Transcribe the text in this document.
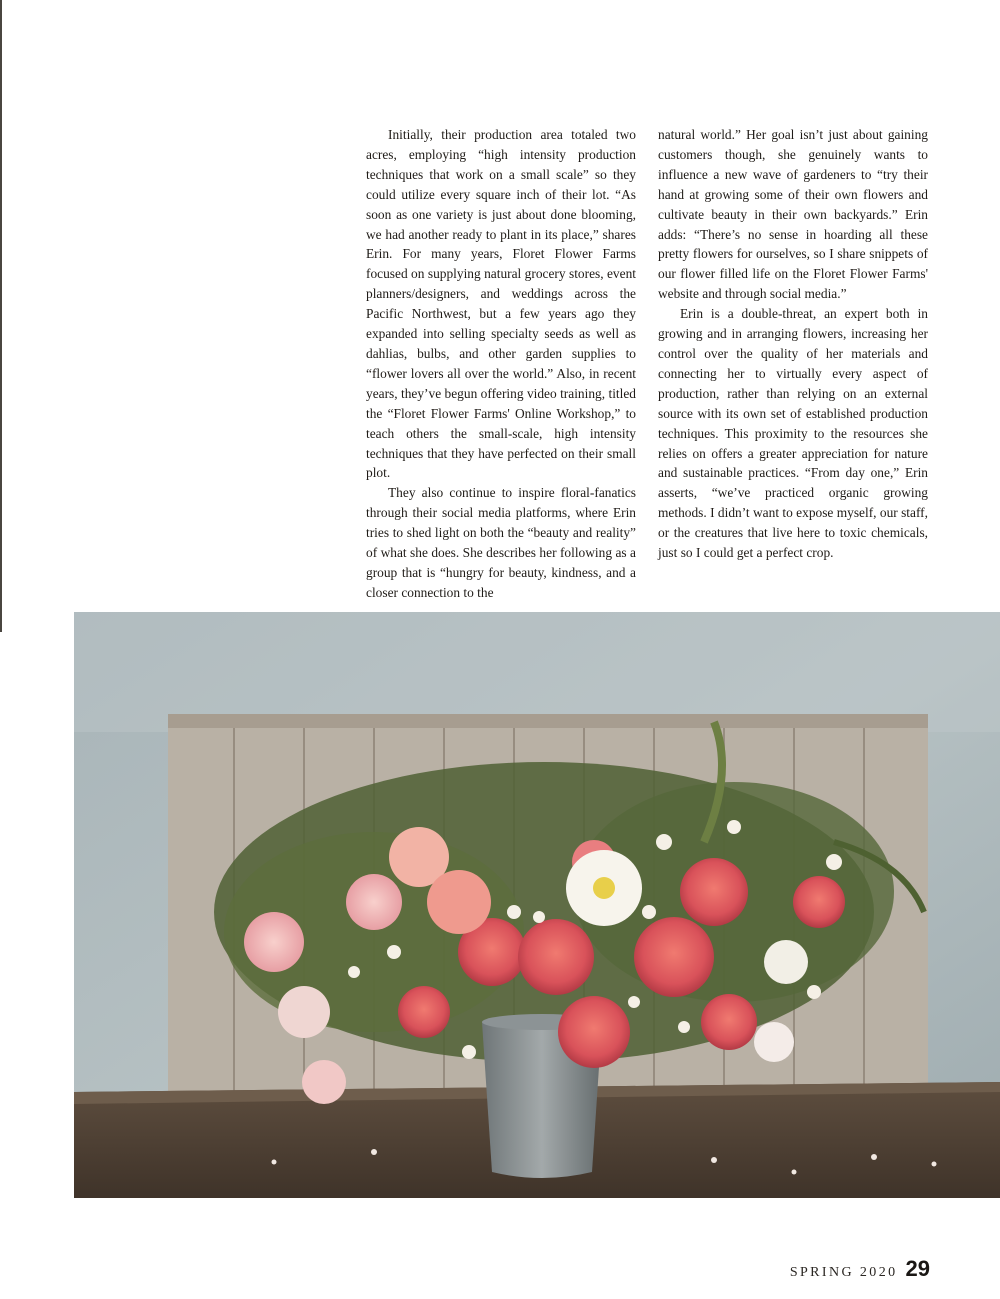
Initially, their production area totaled two acres, employing “high intensity production techniques that work on a small scale” so they could utilize every square inch of their lot. “As soon as one variety is just about done blooming, we had another ready to plant in its place,” shares Erin. For many years, Floret Flower Farms focused on supplying natural grocery stores, event planners/designers, and weddings across the Pacific Northwest, but a few years ago they expanded into selling specialty seeds as well as dahlias, bulbs, and other garden supplies to “flower lovers all over the world.” Also, in recent years, they’ve begun offering video training, titled the “Floret Flower Farms' Online Workshop,” to teach others the small-scale, high intensity techniques that they have perfected on their small plot.

They also continue to inspire floral-fanatics through their social media platforms, where Erin tries to shed light on both the “beauty and reality” of what she does. She describes her following as a group that is “hungry for beauty, kindness, and a closer connection to the

natural world.” Her goal isn’t just about gaining customers though, she genuinely wants to influence a new wave of gardeners to “try their hand at growing some of their own flowers and cultivate beauty in their own backyards.” Erin adds: “There’s no sense in hoarding all these pretty flowers for ourselves, so I share snippets of our flower filled life on the Floret Flower Farms' website and through social media.”

Erin is a double-threat, an expert both in growing and in arranging flowers, increasing her control over the quality of her materials and connecting her to virtually every aspect of production, rather than relying on an external source with its own set of established production techniques. This proximity to the resources she relies on offers a greater appreciation for nature and sustainable practices. “From day one,” Erin asserts, “we’ve practiced organic growing methods. I didn’t want to expose myself, our staff, or the creatures that live here to toxic chemicals, just so I could get a perfect crop.

SPRING 2020 29
